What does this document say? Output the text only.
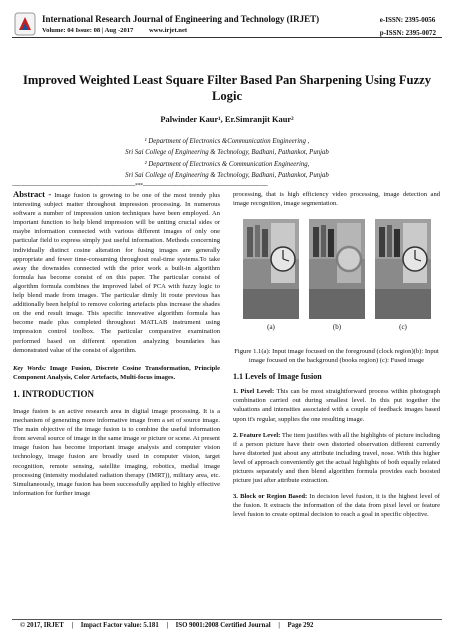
International Research Journal of Engineering and Technology (IRJET)
Volume: 04 Issue: 08 | Aug -2017 www.irjet.net
e-ISSN: 2395-0056
p-ISSN: 2395-0072
Improved Weighted Least Square Filter Based Pan Sharpening Using Fuzzy Logic
Palwinder Kaur¹, Er.Simranjit Kaur²
¹ Department of Electronics &Communication Engineering ,
Sri Sai College of Engineering & Technology, Badhani, Pathankot, Punjab
² Department of Electronics & Communication Engineering,
Sri Sai College of Engineering & Technology, Badhani, Pathankot, Punjab
-----------------------------------------------------------------------------***------------------------------------------------------------------------------

Abstract - Image fusion is growing to be one of the most trendy plus interesting subject matter throughout impression processing. In numerous software a number of impression union techniques have been employed. An important function to help blend impression will be uniting crucial sides or maybe information connected with various different images of only one particular field to express simply just useful information. Methods concerning individually distinct cosine alteration for fusing images are generally appropriate and fewer time-consuming throughout real-time systems.To take away the downsides connected with the prior work a built-in algorithm formula has become consist of on this paper. The particular consist of algorithm formula combines the improved label of PCA with fuzzy logic to help blend made from images. The particular dimly lit route previous has additionally been helpful to remove coloring artefacts plus increase the shades on the end result image. This specific innovative algorithm formula has become made plus completed throughout MATLAB instrument using impression control toolbox. The particular comparative examination performed based on different operation analyzing boundaries has demonstrated value of the consist of algorithm.

Key Words: Image Fusion, Discrete Cosine Transformation, Principle Component Analysis, Color Artefacts, Multi-focus images.

1. INTRODUCTION

Image fusion is an active research area in digital image processing. It is a mechanism of generating more informative image from a set of source image. The main objective of the image fusion is to combine the useful information from several source of image in the same image or picture or scene. At present image fusion has become important image analysis and computer vision technology, image fusion are broadly used in computer vision, target recognition, remote sensing, satellite imaging, robotics, medial image processing (intensity modulated radiation therapy (IMRT)), military area, etc. Simultaneously, image fusion has been successfully applied to highly effective information for further image

processing, that is high efficiency video processing, image detection and image recognition, image segmentation.

(a)	(b)	(c)

Figure 1.1(a): Input image focused on the foreground (clock region)(b): Input image focused on the background (books region) (c): Fused image

1.1 Levels of Image fusion

1. Pixel Level: This can be most straightforward process within photograph combination carried out during smallest level. In this put together the valuations and intensities associated with a couple of feedback images based upon it's regular, supplies the one resulting image.

2. Feature Level: The item justifies with all the highlights of picture including if a person picture have their own distorted observation different currently have distorted just about any attribute including travel, nose. With this higher level of approach conveniently get the actual highlights of both equally related pictures separately and then blend algorithm formula provides each boosted picture just after attribute extraction.

3. Block or Region Based: In decision level fusion, it is the highest level of the fusion. It extracts the information of the data from pixel level or feature level fusion to create optimal decision to reach a goal in specific objective.

© 2017, IRJET | Impact Factor value: 5.181 | ISO 9001:2008 Certified Journal | Page 292
